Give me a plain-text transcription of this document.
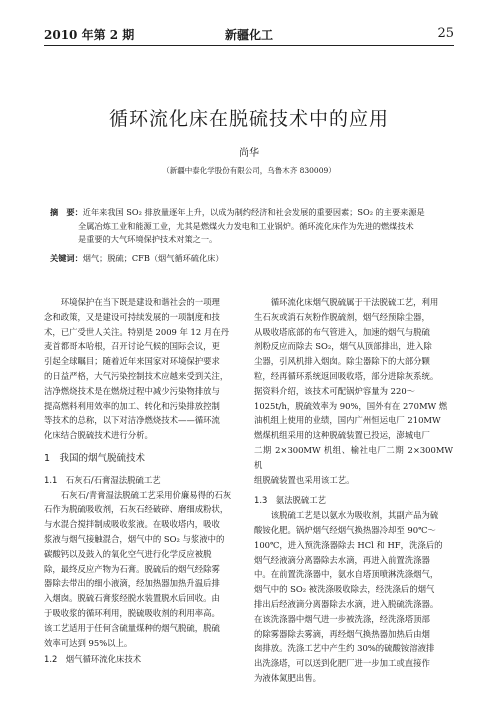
2010 年第 2 期	新疆化工	25
循环流化床在脱硫技术中的应用
尚华
（新疆中泰化学股份有限公司，乌鲁木齐 830009）
摘　要：近年来我国 SO₂ 排放量逐年上升，以成为制约经济和社会发展的重要因素；SO₂ 的主要来源是
全属冶炼工业和能源工业，尤其是燃煤火力发电和工业锅炉。循环流化床作为先进的燃煤技术
是重要的大气环境保护技术对策之一。
关键词：烟气；脱硫；CFB（烟气循环硫化床）
环境保护在当下既是建设和谐社会的一项理
念和政策，又是建设可持续发展的一项制度和技
术，已广受世人关注。特别是 2009 年 12 月在丹
麦首都哥本哈根，召开讨论气候的国际会议，更
引起全球瞩目；随着近年来国家对环境保护要求
的日益严格，大气污染控制技术应越来受到关注，
洁净燃烧技术是在燃烧过程中减少污染物排放与
提高燃料利用效率的加工、转化和污染排放控制
等技术的总称，以下对洁净燃烧技术——循环流
化床结合脱硫技术进行分析。
1　我国的烟气脱硫技术
1.1　石灰石/石膏湿法脱硫工艺
石灰石/青膏湿法脱硫工艺采用价廉易得的石灰
石作为脱硫吸收剂，石灰石经破碎、磨细成粉状，
与水混合搅拌制成吸收浆液。在吸收塔内，吸收
浆液与烟气接触混合，烟气中的 SO₂ 与浆液中的
碳酸钙以及鼓入的氧化空气进行化学反应被脱
除，最终反应产物为石膏。脱硫后的烟气经除雾
器除去带出的细小液滴，经加热器加热升温后排
入烟囱。脱硫石膏浆经脱水装置脱水后回收。由
于吸收浆的循环利用，脱硫吸收剂的利用率高。
该工艺适用于任何含硫量煤种的烟气脱硫，脱硫
效率可达到 95%以上。
1.2　烟气循环流化床技术
循环流化床烟气脱硫属于干法脱硫工艺，利用
生石灰或消石灰粉作脱硫剂，烟气经预除尘器，
从吸收塔底部的布气管进入，加速的烟气与脱硫
剂粉反应而除去 SO₂，烟气从顶部排出，进入除
尘器，引风机排入烟囱。除尘器除下的大部分颗
粒，经再循环系统返回吸收塔，部分进除灰系统。
据资料介绍，该技术可配锅炉容量为 220～
1025t/h，脱硫效率为 90%，国外有在 270MW 燃
油机组上使用的业绩，国内广州恒运电厂 210MW
燃煤机组采用的这种脱硫装置已投运，澎城电厂
二期 2×300MW 机组、榆社电厂二期 2×300MW 机
组脱硫装置也采用该工艺。
1.3　氨法脱硫工艺
该脱硫工艺是以氨水为吸收剂，其副产品为硫
酸铵化肥。锅炉烟气经烟气换热器冷却至 90℃～
100℃，进入预洗涤器除去 HCl 和 HF，洗涤后的
烟气经液滴分离器除去水滴，再进入前置洗涤器
中。在前置洗涤器中，氨水自塔顶喷淋洗涤烟气，
烟气中的 SO₂ 被洗涤吸收除去，经洗涤后的烟气
排出后经液滴分离器除去水滴，进入脱硫洗涤器。
在该洗涤器中烟气进一步被洗涤，经洗涤塔顶部
的除雾器除去雾滴，再经烟气换热器加热后由烟
囱排放。洗涤工艺中产生约 30%的硫酸铵溶液排
出洗涤塔，可以送到化肥厂进一步加工或直接作
为液体氮肥出售。
